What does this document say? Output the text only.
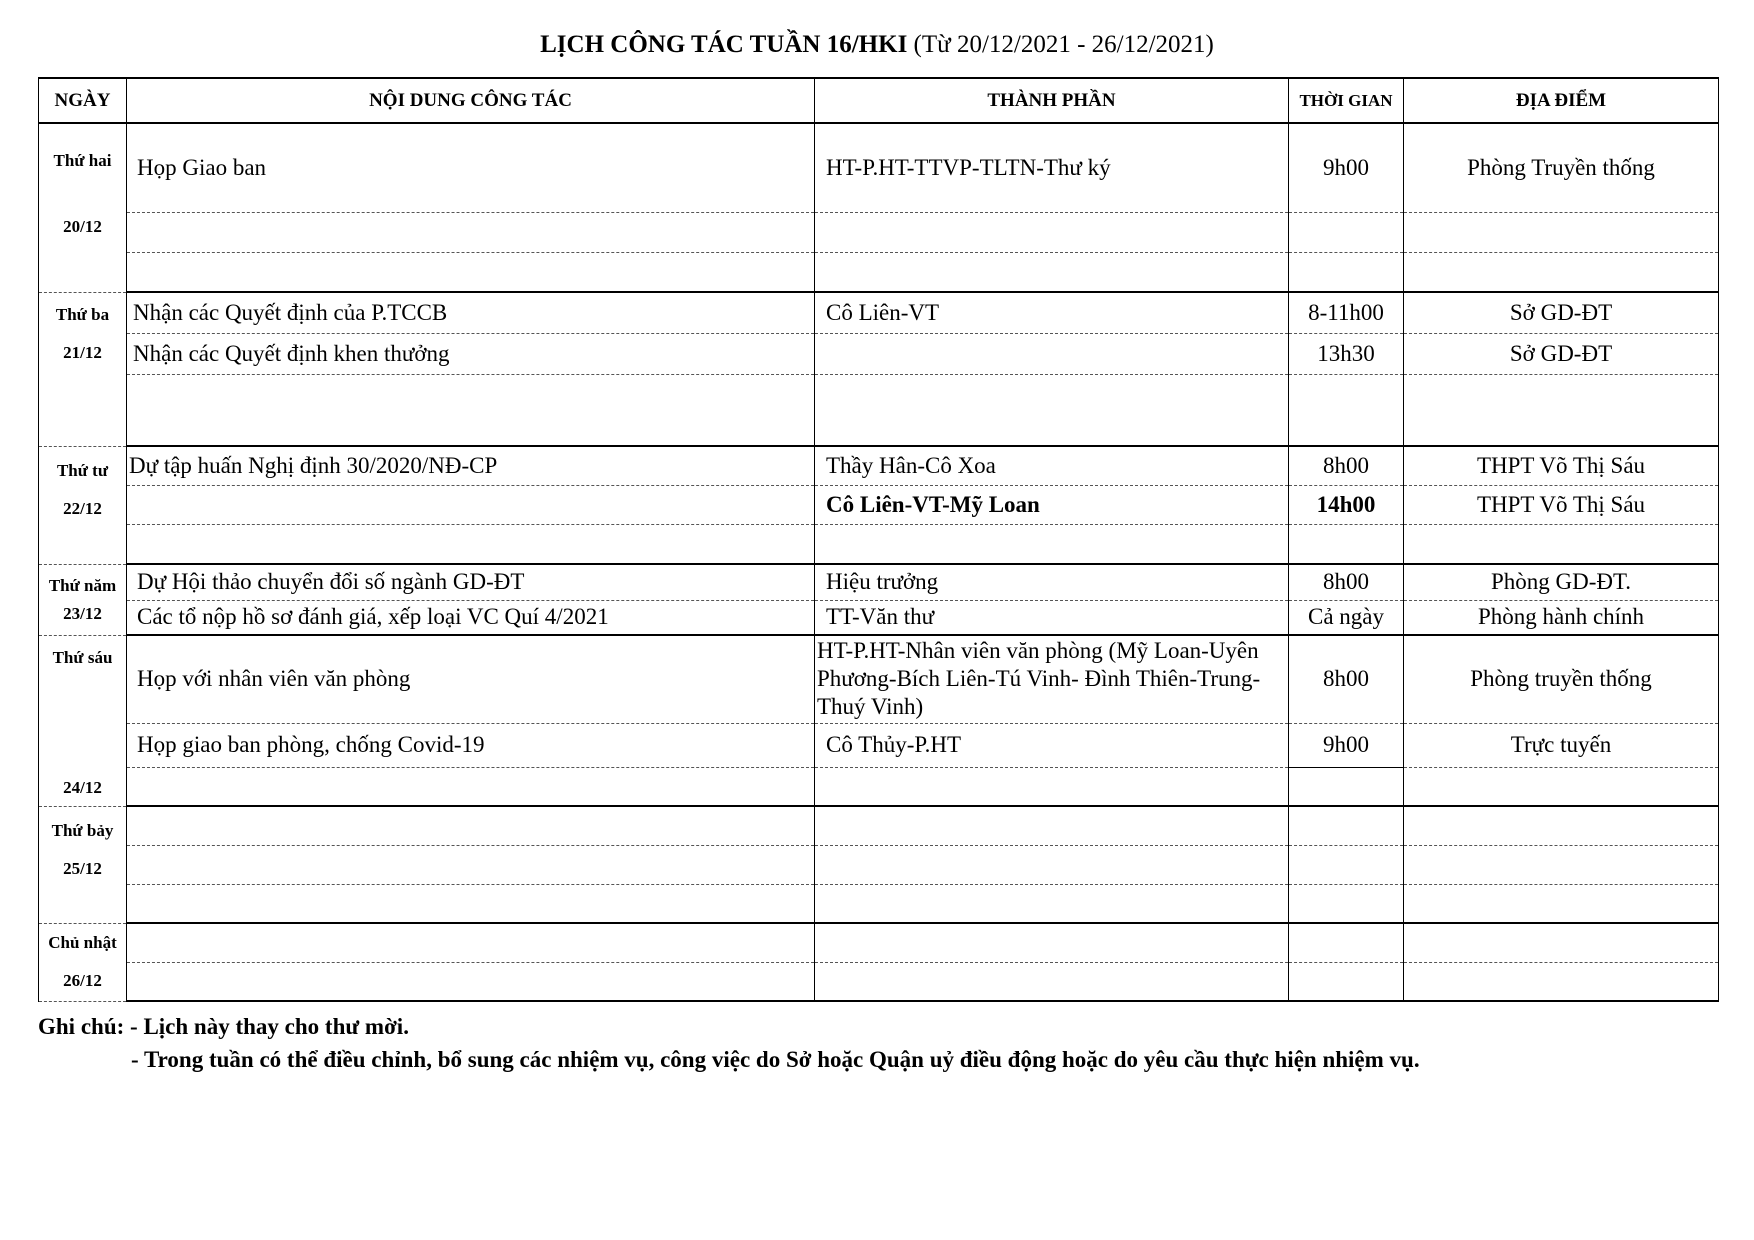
LỊCH CÔNG TÁC TUẦN 16/HKI (Từ 20/12/2021 - 26/12/2021)
NGÀY	NỘI DUNG CÔNG TÁC	THÀNH PHẦN	THỜI GIAN	ĐỊA ĐIỂM

Thứ hai
20/12	Họp Giao ban	HT-P.HT-TTVP-TLTN-Thư ký	9h00	Phòng Truyền thống

Thứ ba
21/12	Nhận các Quyết định của P.TCCB	Cô Liên-VT	8-11h00	Sở GD-ĐT
	Nhận các Quyết định khen thưởng		13h30	Sở GD-ĐT

Thứ tư
22/12	Dự tập huấn Nghị định 30/2020/NĐ-CP	Thầy Hân-Cô Xoa	8h00	THPT Võ Thị Sáu
		Cô Liên-VT-Mỹ Loan	14h00	THPT Võ Thị Sáu

Thứ năm
23/12	Dự Hội thảo chuyển đổi số ngành GD-ĐT	Hiệu trưởng	8h00	Phòng GD-ĐT.
	Các tổ nộp hồ sơ đánh giá, xếp loại VC Quí 4/2021	TT-Văn thư	Cả ngày	Phòng hành chính

Thứ sáu
24/12	Họp với nhân viên văn phòng	HT-P.HT-Nhân viên văn phòng (Mỹ Loan-Uyên Phương-Bích Liên-Tú Vinh- Đình Thiên-Trung-Thuý Vinh)	8h00	Phòng truyền thống
	Họp giao ban phòng, chống Covid-19	Cô Thủy-P.HT	9h00	Trực tuyến

Thứ bảy
25/12				

Chủ nhật
26/12				

Ghi chú: - Lịch này thay cho thư mời.
- Trong tuần có thể điều chỉnh, bổ sung các nhiệm vụ, công việc do Sở hoặc Quận uỷ điều động hoặc do yêu cầu thực hiện nhiệm vụ.
